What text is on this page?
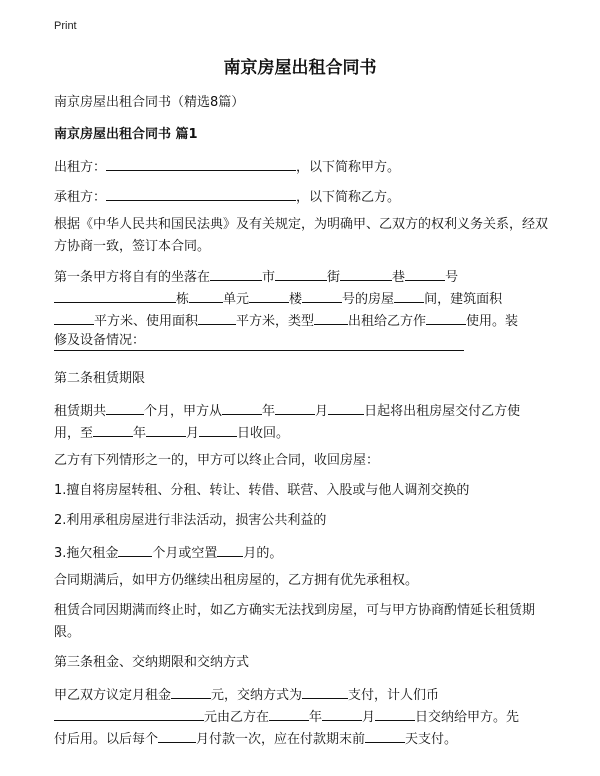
Print
南京房屋出租合同书
南京房屋出租合同书（精选8篇）
南京房屋出租合同书 篇1
出租方：	，以下简称甲方。
承租方：	，以下简称乙方。
根据《中华人民共和国民法典》及有关规定，为明确甲、乙双方的权利义务关系，经双方协商一致，签订本合同。
第一条甲方将自有的坐落在	市	街	巷	号
栋	单元	楼	号的房屋 间，建筑面积
平方米、使用面积	平方米，类型	出租给乙方作	使用。装
修及设备情况：
第二条租赁期限
租赁期共	个月，甲方从	年	月	日起将出租房屋交付乙方使
用，至	年	月	日收回。
乙方有下列情形之一的，甲方可以终止合同，收回房屋：
1.擅自将房屋转租、分租、转让、转借、联营、入股或与他人调剂交换的
2.利用承租房屋进行非法活动，损害公共利益的
3.拖欠租金	个月或空置 月的。
合同期满后，如甲方仍继续出租房屋的，乙方拥有优先承租权。
租赁合同因期满而终止时，如乙方确实无法找到房屋，可与甲方协商酌情延长租赁期限。
第三条租金、交纳期限和交纳方式
甲乙双方议定月租金	元，交纳方式为	支付，计人们币
元由乙方在	年	月	日交纳给甲方。先
付后用。以后每个	月付款一次，应在付款期末前	天支付。
